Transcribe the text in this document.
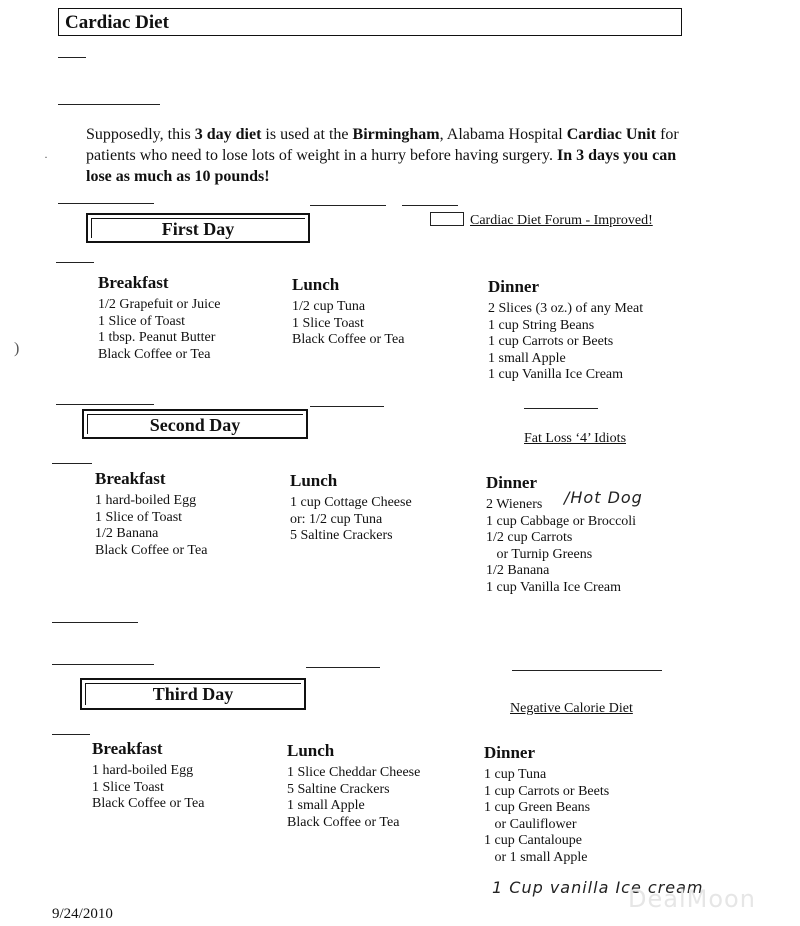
Cardiac Diet
·
)
Supposedly, this 3 day diet is used at the Birmingham, Alabama Hospital Cardiac Unit for patients who need to lose lots of weight in a hurry before having surgery. In 3 days you can lose as much as 10 pounds!
Cardiac Diet Forum - Improved!
First Day
Breakfast
1/2 Grapefuit or Juice
1 Slice of Toast
1 tbsp. Peanut Butter
Black Coffee or Tea
Lunch
1/2 cup Tuna
1 Slice Toast
Black Coffee or Tea
Dinner
2 Slices (3 oz.) of any Meat
1 cup String Beans
1 cup Carrots or Beets
1 small Apple
1 cup Vanilla Ice Cream
Second Day
Fat Loss ‘4’ Idiots
Breakfast
1 hard-boiled Egg
1 Slice of Toast
1/2 Banana
Black Coffee or Tea
Lunch
1 cup Cottage Cheese
or: 1/2 cup Tuna
5 Saltine Crackers
Dinner
2 Wieners
1 cup Cabbage or Broccoli
1/2 cup Carrots
or Turnip Greens
1/2 Banana
1 cup Vanilla Ice Cream
/Hot Dog
Third Day
Negative Calorie Diet
Breakfast
1 hard-boiled Egg
1 Slice Toast
Black Coffee or Tea
Lunch
1 Slice Cheddar Cheese
5 Saltine Crackers
1 small Apple
Black Coffee or Tea
Dinner
1 cup Tuna
1 cup Carrots or Beets
1 cup Green Beans
or Cauliflower
1 cup Cantaloupe
or 1 small Apple
1 Cup vanilla Ice cream
9/24/2010
DealMoon
